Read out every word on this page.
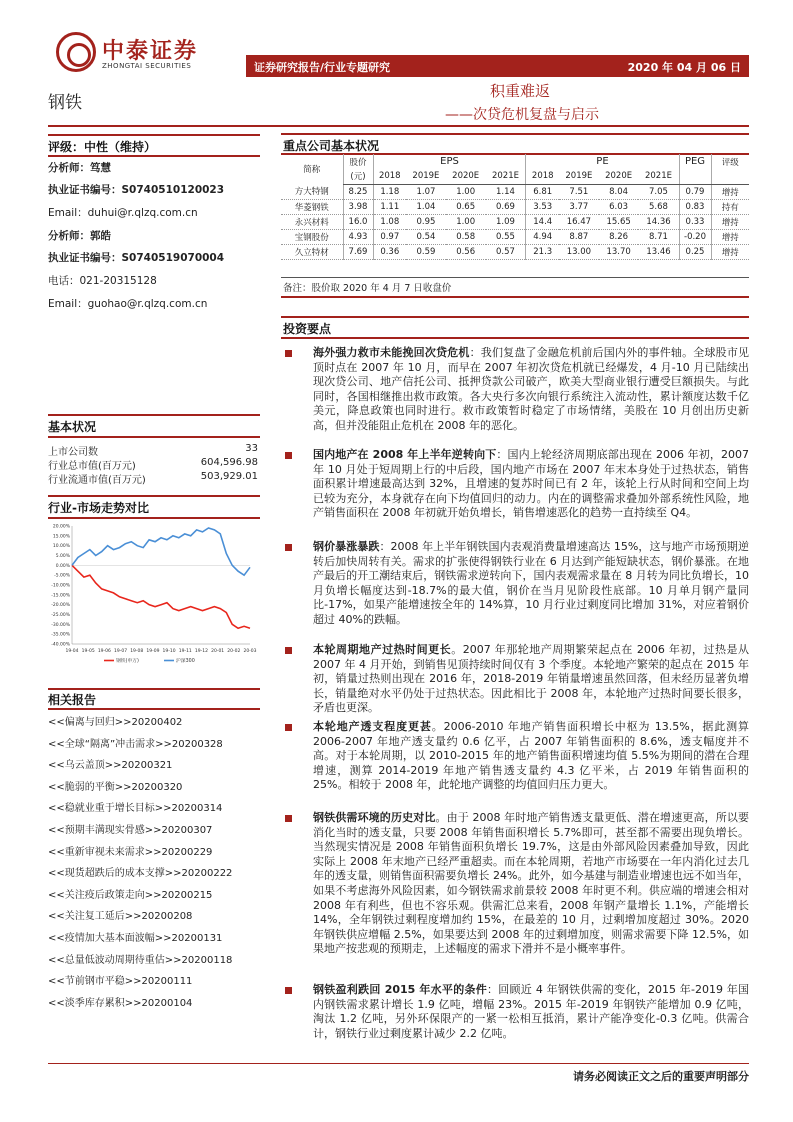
中泰证券
ZHONGTAI SECURITIES	证券研究报告/行业专题研究	2020 年 04 月 06 日
钢铁
积重难返
——次贷危机复盘与启示
评级：中性（维持）
分析师：笃慧
执业证书编号：S0740510120023
Email：duhui@r.qlzq.com.cn
分析师：郭皓
执业证书编号：S0740519070004
电话：021-20315128
Email：guohao@r.qlzq.com.cn
基本状况
上市公司数	33
行业总市值(百万元)	604,596.98
行业流通市值(百万元)	503,929.01
行业-市场走势对比
20.00%
15.00%
10.00%
5.00%
0.00%
-5.00%
-10.00%
-15.00%
-20.00%
-25.00%
-30.00%
-35.00%
-40.00%
19-04 19-05 19-06 19-07 19-08 19-09 19-10 19-11 19-12 20-01 20-02 20-03
钢铁(申万)	沪深300
相关报告
<<偏离与回归>>20200402
<<全球“隔离”冲击需求>>20200328
<<乌云盖顶>>20200321
<<脆弱的平衡>>20200320
<<稳就业重于增长目标>>20200314
<<预期丰满现实骨感>>20200307
<<重新审视未来需求>>20200229
<<现货超跌后的成本支撑>>20200222
<<关注疫后政策走向>>20200215
<<关注复工延后>>20200208
<<疫情加大基本面波幅>>20200131
<<总量低波动周期待重估>>20200118
<<节前钢市平稳>>20200111
<<淡季库存累积>>20200104
重点公司基本状况
简称	股价	EPS				PE				PEG	评级
	(元)	2018	2019E	2020E	2021E	2018	2019E	2020E	2021E		
方大特钢	8.25	1.18	1.07	1.00	1.14	6.81	7.51	8.04	7.05	0.79	增持
华菱钢铁	3.98	1.11	1.04	0.65	0.69	3.53	3.77	6.03	5.68	0.83	持有
永兴材料	16.0	1.08	0.95	1.00	1.09	14.4	16.47	15.65	14.36	0.33	增持
宝钢股份	4.93	0.97	0.54	0.58	0.55	4.94	8.87	8.26	8.71	-0.20	增持
久立特材	7.69	0.36	0.59	0.56	0.57	21.3	13.00	13.70	13.46	0.25	增持
备注：股价取 2020 年 4 月 7 日收盘价
投资要点
海外强力救市未能挽回次贷危机：我们复盘了金融危机前后国内外的事件轴。全球股市见顶时点在 2007 年 10 月，而早在 2007 年初次贷危机就已经爆发，4 月-10 月已陆续出现次贷公司、地产信托公司、抵押贷款公司破产，欧美大型商业银行遭受巨额损失。与此同时，各国相继推出救市政策。各大央行多次向银行系统注入流动性，累计额度达数千亿美元，降息政策也同时进行。救市政策暂时稳定了市场情绪，美股在 10 月创出历史新高，但并没能阻止危机在 2008 年的恶化。
国内地产在 2008 年上半年逆转向下：国内上轮经济周期底部出现在 2006 年初，2007 年 10 月处于短周期上行的中后段，国内地产市场在 2007 年末本身处于过热状态，销售面积累计增速最高达到 32%，且增速的复苏时间已有 2 年，该轮上行从时间和空间上均已较为充分，本身就存在向下均值回归的动力。内在的调整需求叠加外部系统性风险，地产销售面积在 2008 年初就开始负增长，销售增速恶化的趋势一直持续至 Q4。
钢价暴涨暴跌：2008 年上半年钢铁国内表观消费量增速高达 15%，这与地产市场预期逆转后加快周转有关。需求的扩张使得钢铁行业在 6 月达到产能短缺状态，钢价暴涨。在地产最后的开工潮结束后，钢铁需求逆转向下，国内表观需求量在 8 月转为同比负增长，10 月负增长幅度达到-18.7%的最大值，钢价在当月见阶段性底部。10 月单月钢产量同比-17%，如果产能增速按全年的 14%算，10 月行业过剩度同比增加 31%，对应着钢价超过 40%的跌幅。
本轮周期地产过热时间更长。2007 年那轮地产周期繁荣起点在 2006 年初，过热是从 2007 年 4 月开始，到销售见顶持续时间仅有 3 个季度。本轮地产繁荣的起点在 2015 年初，销量过热则出现在 2016 年，2018-2019 年销量增速虽然回落，但未经历显著负增长，销量绝对水平仍处于过热状态。因此相比于 2008 年，本轮地产过热时间要长很多，矛盾也更深。
本轮地产透支程度更甚。2006-2010 年地产销售面积增长中枢为 13.5%，据此测算 2006-2007 年地产透支量约 0.6 亿平，占 2007 年销售面积的 8.6%，透支幅度并不高。对于本轮周期，以 2010-2015 年的地产销售面积增速均值 5.5%为期间的潜在合理增速，测算 2014-2019 年地产销售透支量约 4.3 亿平米，占 2019 年销售面积的 25%。相较于 2008 年，此轮地产调整的均值回归压力更大。
钢铁供需环境的历史对比。由于 2008 年时地产销售透支量更低、潜在增速更高，所以要消化当时的透支量，只要 2008 年销售面积增长 5.7%即可，甚至都不需要出现负增长。当然现实情况是 2008 年销售面积负增长 19.7%，这是由外部风险因素叠加导致，因此实际上 2008 年末地产已经严重超卖。而在本轮周期，若地产市场要在一年内消化过去几年的透支量，则销售面积需要负增长 24%。此外，如今基建与制造业增速也远不如当年，如果不考虑海外风险因素，如今钢铁需求前景较 2008 年时更不利。供应端的增速会相对 2008 年有利些，但也不容乐观。供需汇总来看，2008 年钢产量增长 1.1%，产能增长 14%，全年钢铁过剩程度增加约 15%，在最差的 10 月，过剩增加度超过 30%。2020 年钢铁供应增幅 2.5%，如果要达到 2008 年的过剩增加度，则需求需要下降 12.5%，如果地产按悲观的预期走，上述幅度的需求下滑并不是小概率事件。
钢铁盈利跌回 2015 年水平的条件：回顾近 4 年钢铁供需的变化，2015 年-2019 年国内钢铁需求累计增长 1.9 亿吨，增幅 23%。2015 年-2019 年钢铁产能增加 0.9 亿吨，淘汰 1.2 亿吨，另外环保限产的一紧一松相互抵消，累计产能净变化-0.3 亿吨。供需合计，钢铁行业过剩度累计减少 2.2 亿吨。
请务必阅读正文之后的重要声明部分
